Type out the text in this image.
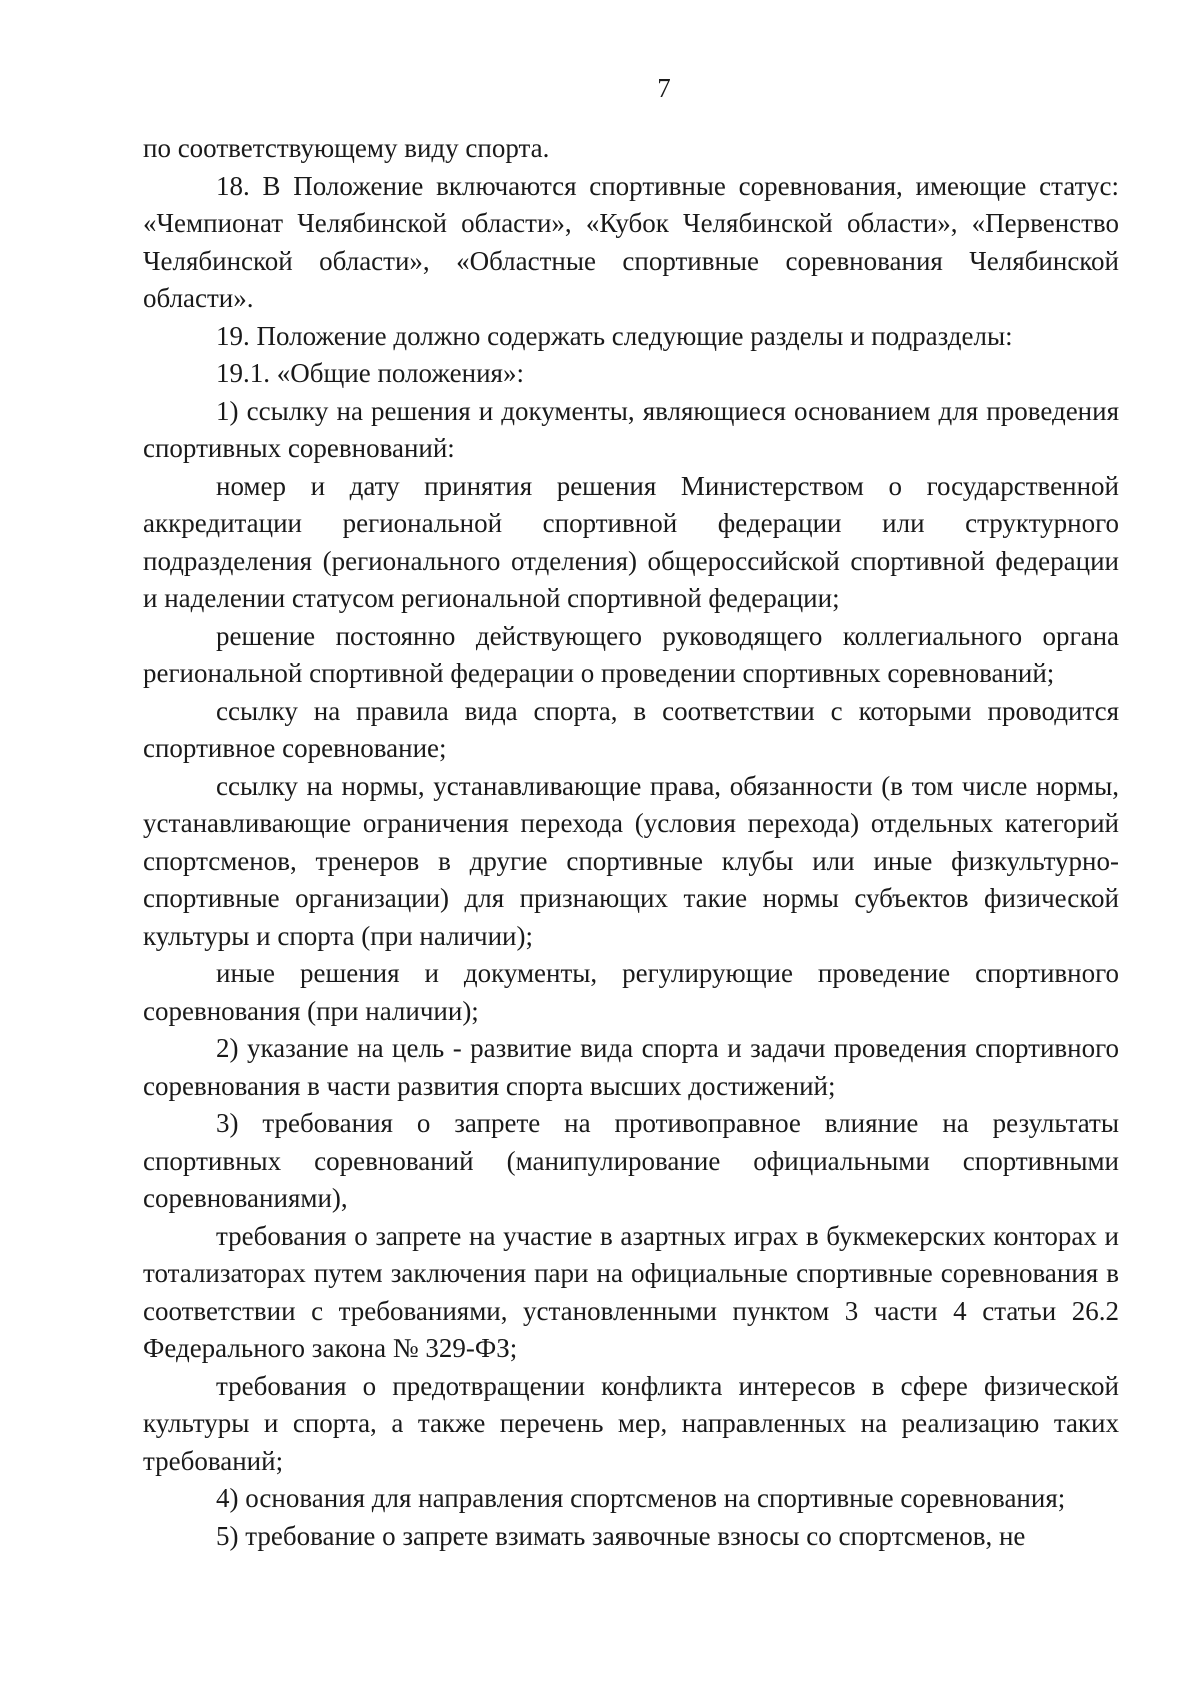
7

по соответствующему виду спорта.

18. В Положение включаются спортивные соревнования, имеющие статус: «Чемпионат Челябинской области», «Кубок Челябинской области», «Первенство Челябинской области», «Областные спортивные соревнования Челябинской области».

19. Положение должно содержать следующие разделы и подразделы:

19.1. «Общие положения»:

1) ссылку на решения и документы, являющиеся основанием для проведения спортивных соревнований:

номер и дату принятия решения Министерством о государственной аккредитации региональной спортивной федерации или структурного подразделения (регионального отделения) общероссийской спортивной федерации и наделении статусом региональной спортивной федерации;

решение постоянно действующего руководящего коллегиального органа региональной спортивной федерации о проведении спортивных соревнований;

ссылку на правила вида спорта, в соответствии с которыми проводится спортивное соревнование;

ссылку на нормы, устанавливающие права, обязанности (в том числе нормы, устанавливающие ограничения перехода (условия перехода) отдельных категорий спортсменов, тренеров в другие спортивные клубы или иные физкультурно-спортивные организации) для признающих такие нормы субъектов физической культуры и спорта (при наличии);

иные решения и документы, регулирующие проведение спортивного соревнования (при наличии);

2) указание на цель - развитие вида спорта и задачи проведения спортивного соревнования в части развития спорта высших достижений;

3) требования о запрете на противоправное влияние на результаты спортивных соревнований (манипулирование официальными спортивными соревнованиями),

требования о запрете на участие в азартных играх в букмекерских конторах и тотализаторах путем заключения пари на официальные спортивные соревнования в соответствии с требованиями, установленными пунктом 3 части 4 статьи 26.2 Федерального закона № 329-ФЗ;

требования о предотвращении конфликта интересов в сфере физической культуры и спорта, а также перечень мер, направленных на реализацию таких требований;

4) основания для направления спортсменов на спортивные соревнования;

5) требование о запрете взимать заявочные взносы со спортсменов, не
